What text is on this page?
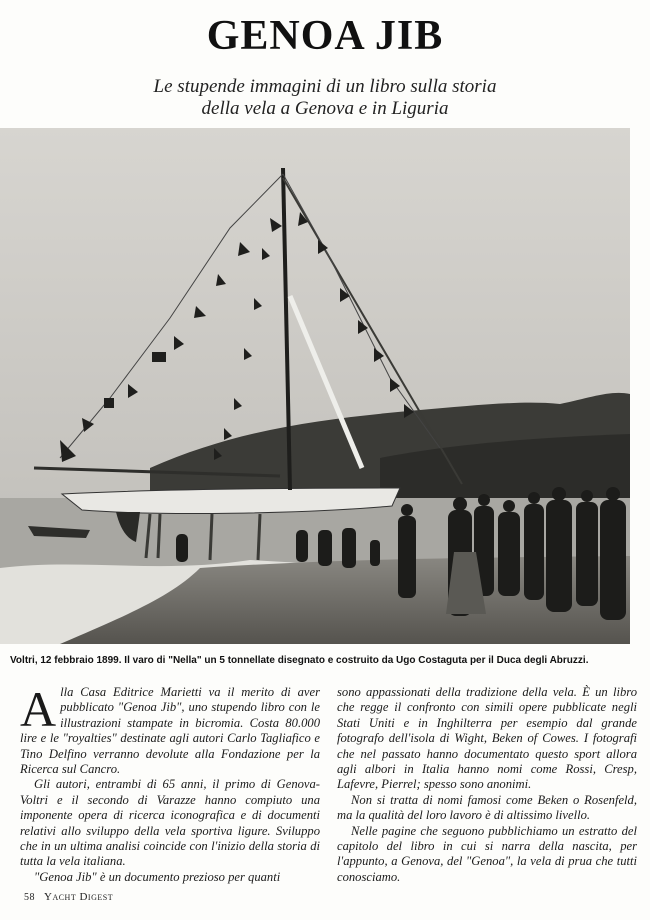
GENOA JIB
Le stupende immagini di un libro sulla storia
della vela a Genova e in Liguria
Voltri, 12 febbraio 1899. Il varo di "Nella" un 5 tonnellate disegnato e costruito da Ugo Costaguta per il Duca degli Abruzzi.

Alla Casa Editrice Marietti va il merito di aver pubblicato "Genoa Jib", uno stupendo libro con le illustrazioni stampate in bicromia. Costa 80.000 lire e le "royalties" destinate agli autori Carlo Tagliafico e Tino Delfino verranno devolute alla Fondazione per la Ricerca sul Cancro.

Gli autori, entrambi di 65 anni, il primo di Genova-Voltri e il secondo di Varazze hanno compiuto una imponente opera di ricerca iconografica e di documenti relativi allo sviluppo della vela sportiva ligure. Sviluppo che in un ultima analisi coincide con l'inizio della storia di tutta la vela italiana.

"Genoa Jib" è un documento prezioso per quanti

sono appassionati della tradizione della vela. È un libro che regge il confronto con simili opere pubblicate negli Stati Uniti e in Inghilterra per esempio dal grande fotografo dell'isola di Wight, Beken of Cowes. I fotografi che nel passato hanno documentato questo sport allora agli albori in Italia hanno nomi come Rossi, Cresp, Lafevre, Pierrel; spesso sono anonimi.

Non si tratta di nomi famosi come Beken o Rosenfeld, ma la qualità del loro lavoro è di altissimo livello.

Nelle pagine che seguono pubblichiamo un estratto del capitolo del libro in cui si narra della nascita, per l'appunto, a Genova, del "Genoa", la vela di prua che tutti conosciamo.

58 Yacht Digest
